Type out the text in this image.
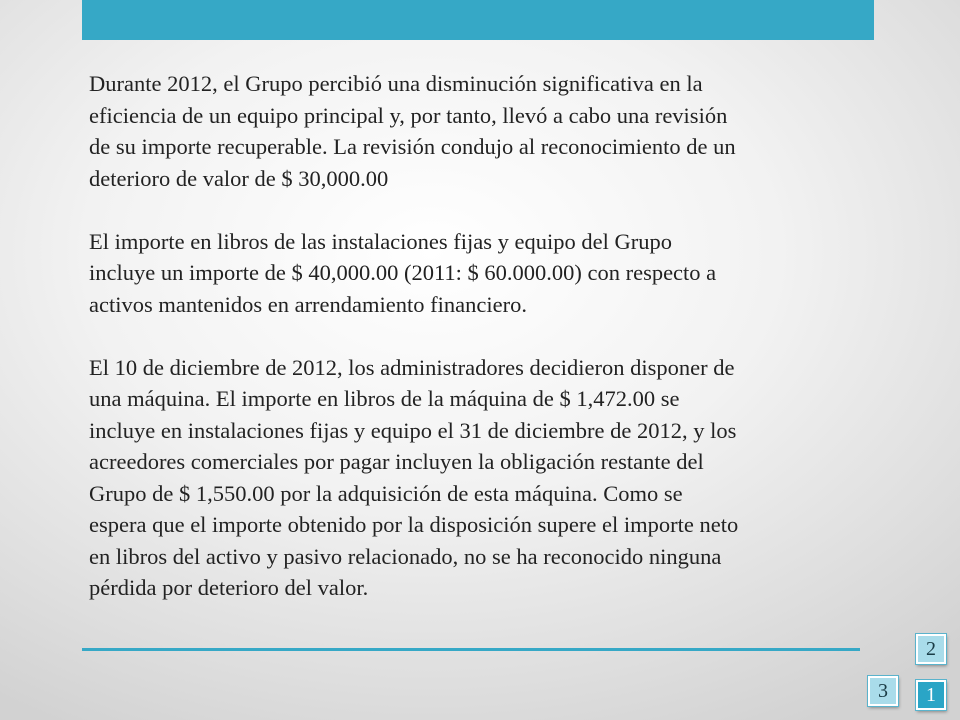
Durante 2012, el Grupo percibió una disminución significativa en la
eficiencia de un equipo principal y, por tanto, llevó a cabo una revisión
de su importe recuperable. La revisión condujo al reconocimiento de un
deterioro de valor de $ 30,000.00

El importe en libros de las instalaciones fijas y equipo del Grupo
incluye un importe de $ 40,000.00 (2011: $ 60.000.00) con respecto a
activos mantenidos en arrendamiento financiero.

El 10 de diciembre de 2012, los administradores decidieron disponer de
una máquina. El importe en libros de la máquina de $ 1,472.00 se
incluye en instalaciones fijas y equipo el 31 de diciembre de 2012, y los
acreedores comerciales por pagar incluyen la obligación restante del
Grupo de $ 1,550.00 por la adquisición de esta máquina. Como se
espera que el importe obtenido por la disposición supere el importe neto
en libros del activo y pasivo relacionado, no se ha reconocido ninguna
pérdida por deterioro del valor.

2
3	1
